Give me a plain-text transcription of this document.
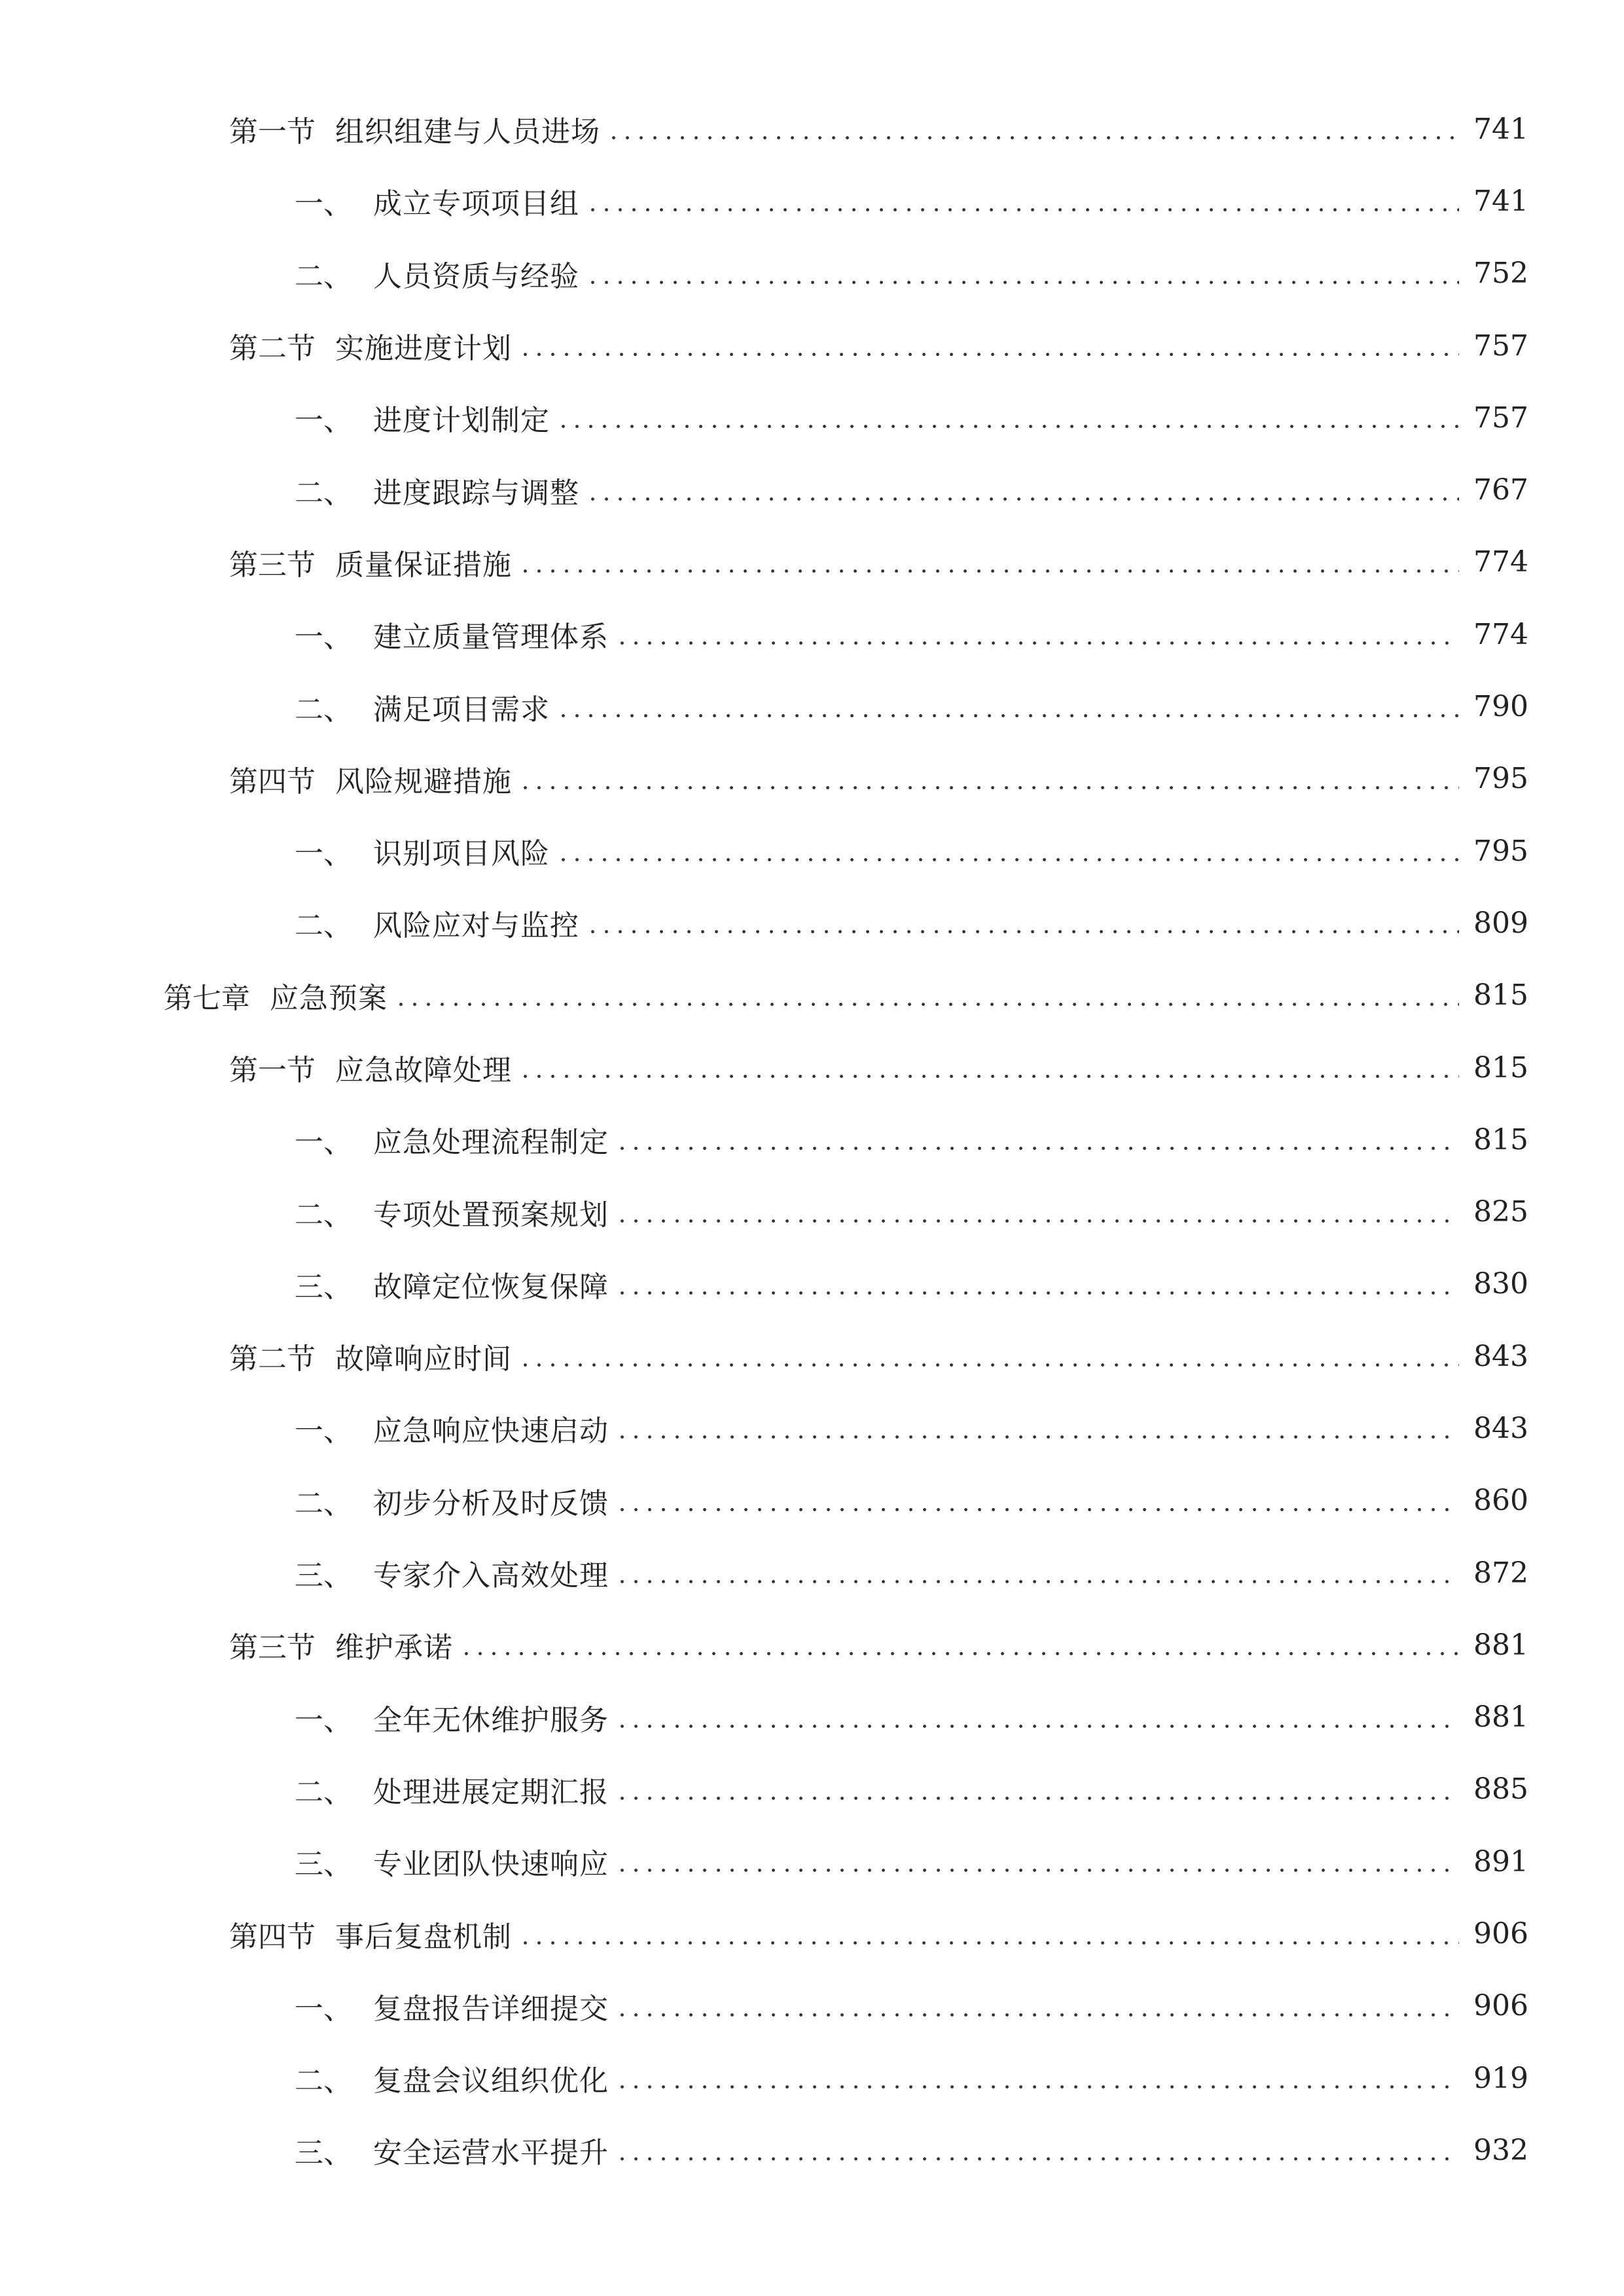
第一节 组织组建与人员进场	741
一、 成立专项项目组	741
二、 人员资质与经验	752
第二节 实施进度计划	757
一、 进度计划制定	757
二、 进度跟踪与调整	767
第三节 质量保证措施	774
一、 建立质量管理体系	774
二、 满足项目需求	790
第四节 风险规避措施	795
一、 识别项目风险	795
二、 风险应对与监控	809
第七章 应急预案	815
第一节 应急故障处理	815
一、 应急处理流程制定	815
二、 专项处置预案规划	825
三、 故障定位恢复保障	830
第二节 故障响应时间	843
一、 应急响应快速启动	843
二、 初步分析及时反馈	860
三、 专家介入高效处理	872
第三节 维护承诺	881
一、 全年无休维护服务	881
二、 处理进展定期汇报	885
三、 专业团队快速响应	891
第四节 事后复盘机制	906
一、 复盘报告详细提交	906
二、 复盘会议组织优化	919
三、 安全运营水平提升	932
